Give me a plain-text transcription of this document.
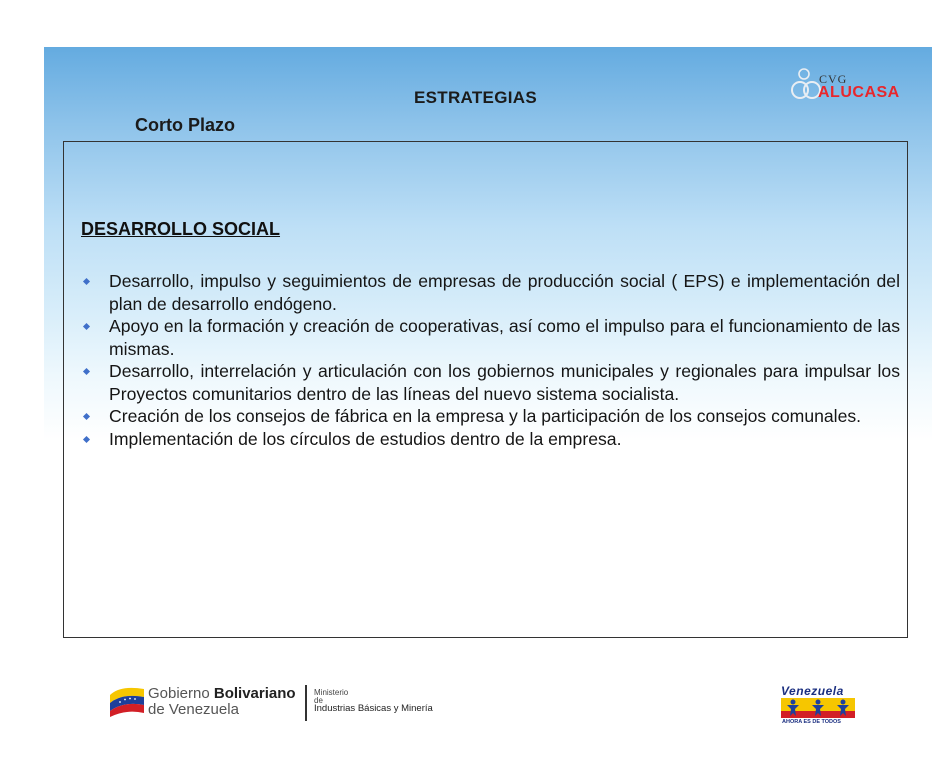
ESTRATEGIAS
Corto Plazo
CVG
ALUCASA
DESARROLLO SOCIAL
Desarrollo, impulso y seguimientos de empresas de producción social ( EPS) e implementación del plan de desarrollo endógeno.
Apoyo en la formación y creación de cooperativas, así como el impulso para el funcionamiento de las mismas.
Desarrollo, interrelación y articulación con los gobiernos municipales y regionales para impulsar los Proyectos comunitarios dentro de las líneas del nuevo sistema socialista.
Creación de los consejos de fábrica en la empresa y la participación de los consejos comunales.
Implementación de los círculos de estudios dentro de la empresa.
Gobierno Bolivariano
de Venezuela
Ministerio
de
Industrias Básicas y Minería
Venezuela
AHORA ES DE TODOS
